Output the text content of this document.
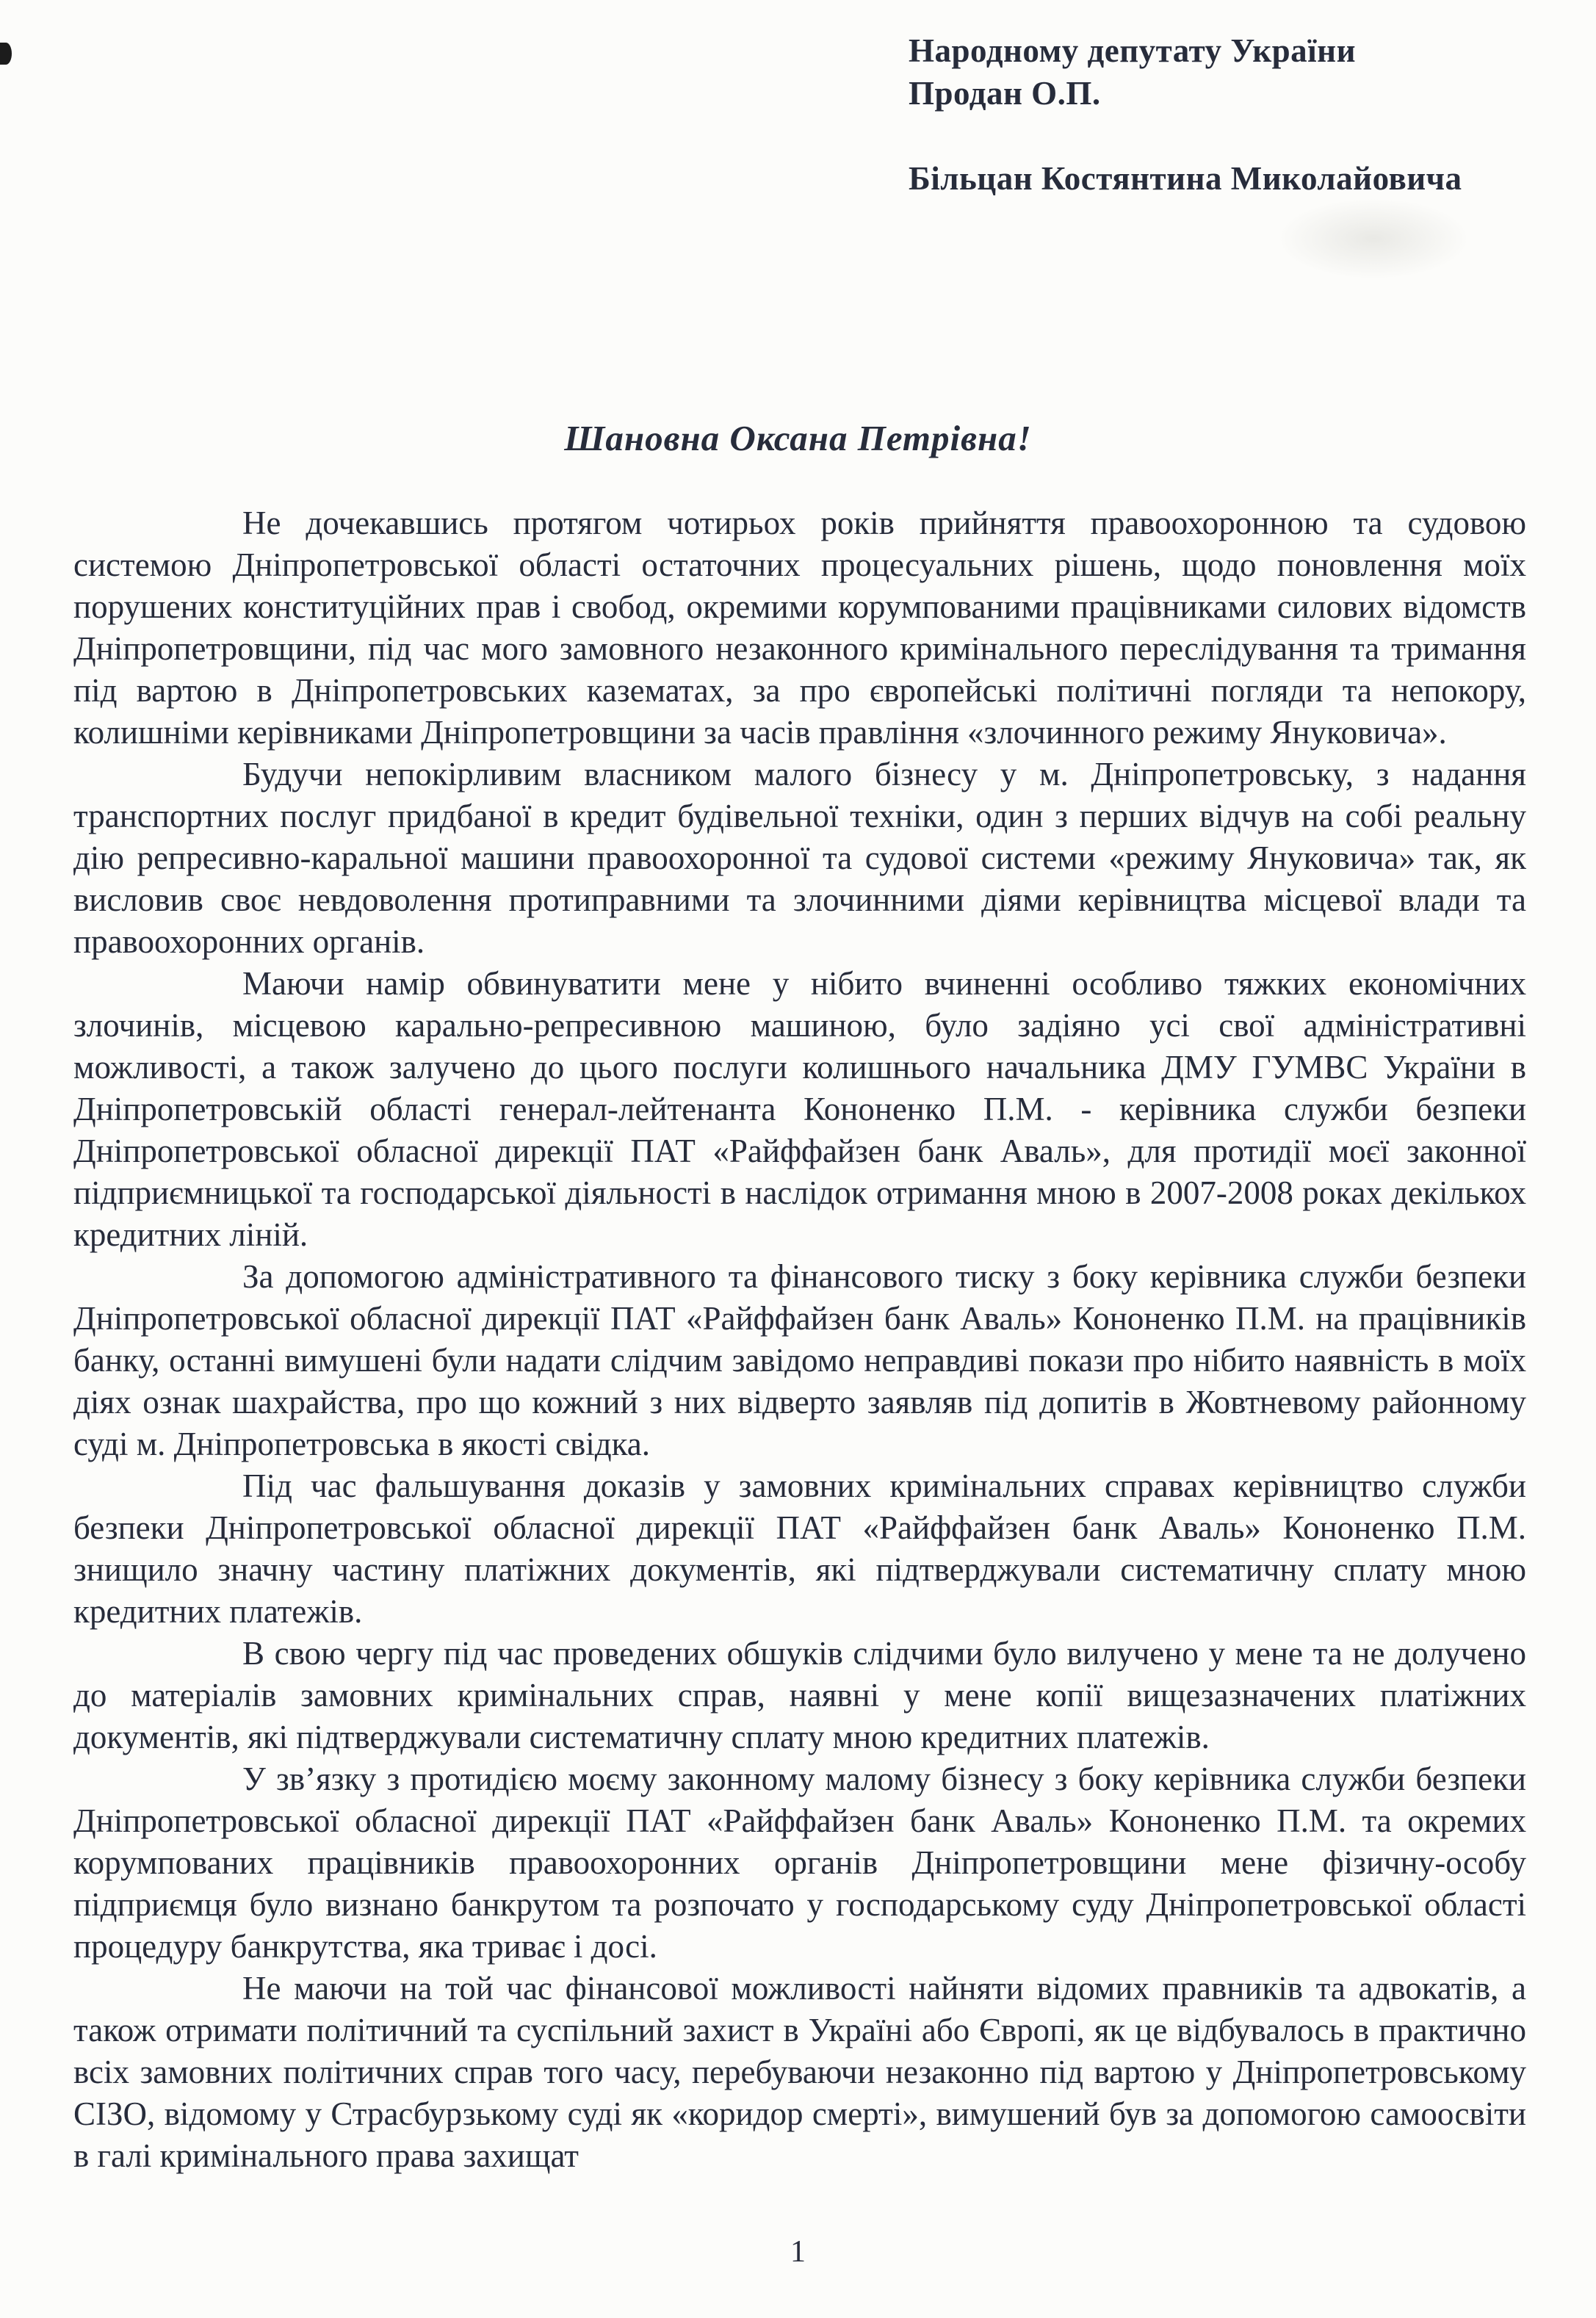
Народному депутату України
Продан О.П.
Більцан Костянтина Миколайовича
Шановна Оксана Петрівна!

Не дочекавшись протягом чотирьох років прийняття правоохоронною та судовою системою Дніпропетровської області остаточних процесуальних рішень, щодо поновлення моїх порушених конституційних прав і свобод, окремими корумпованими працівниками силових відомств Дніпропетровщини, під час мого замовного незаконного кримінального переслідування та тримання під вартою в Дніпропетровських казематах, за про європейські політичні погляди та непокору, колишніми керівниками Дніпропетровщини за часів правління «злочинного режиму Януковича».

Будучи непокірливим власником малого бізнесу у м. Дніпропетровську, з надання транспортних послуг придбаної в кредит будівельної техніки, один з перших відчув на собі реальну дію репресивно-каральної машини правоохоронної та судової системи «режиму Януковича» так, як висловив своє невдоволення протиправними та злочинними діями керівництва місцевої влади та правоохоронних органів.

Маючи намір обвинуватити мене у нібито вчиненні особливо тяжких економічних злочинів, місцевою карально-репресивною машиною, було задіяно усі свої адміністративні можливості, а також залучено до цього послуги колишнього начальника ДМУ ГУМВС України в Дніпропетровській області генерал-лейтенанта Кононенко П.М. - керівника служби безпеки Дніпропетровської обласної дирекції ПАТ «Райффайзен банк Аваль», для протидії моєї законної підприємницької та господарської діяльності в наслідок отримання мною в 2007-2008 роках декількох кредитних ліній.

За допомогою адміністративного та фінансового тиску з боку керівника служби безпеки Дніпропетровської обласної дирекції ПАТ «Райффайзен банк Аваль» Кононенко П.М. на працівників банку, останні вимушені були надати слідчим завідомо неправдиві покази про нібито наявність в моїх діях ознак шахрайства, про що кожний з них відверто заявляв під допитів в Жовтневому районному суді м. Дніпропетровська в якості свідка.

Під час фальшування доказів у замовних кримінальних справах керівництво служби безпеки Дніпропетровської обласної дирекції ПАТ «Райффайзен банк Аваль» Кононенко П.М. знищило значну частину платіжних документів, які підтверджували систематичну сплату мною кредитних платежів.

В свою чергу під час проведених обшуків слідчими було вилучено у мене та не долучено до матеріалів замовних кримінальних справ, наявні у мене копії вищезазначених платіжних документів, які підтверджували систематичну сплату мною кредитних платежів.

У зв’язку з протидією моєму законному малому бізнесу з боку керівника служби безпеки Дніпропетровської обласної дирекції ПАТ «Райффайзен банк Аваль» Кононенко П.М. та окремих корумпованих працівників правоохоронних органів Дніпропетровщини мене фізичну-особу підприємця було визнано банкрутом та розпочато у господарському суду Дніпропетровської області процедуру банкрутства, яка триває і досі.

Не маючи на той час фінансової можливості найняти відомих правників та адвокатів, а також отримати політичний та суспільний захист в Україні або Європі, як це відбувалось в практично всіх замовних політичних справ того часу, перебуваючи незаконно під вартою у Дніпропетровському СІЗО, відомому у Страсбурзькому суді як «коридор смерті», вимушений був за допомогою самоосвіти в галі кримінального права захищат

1
